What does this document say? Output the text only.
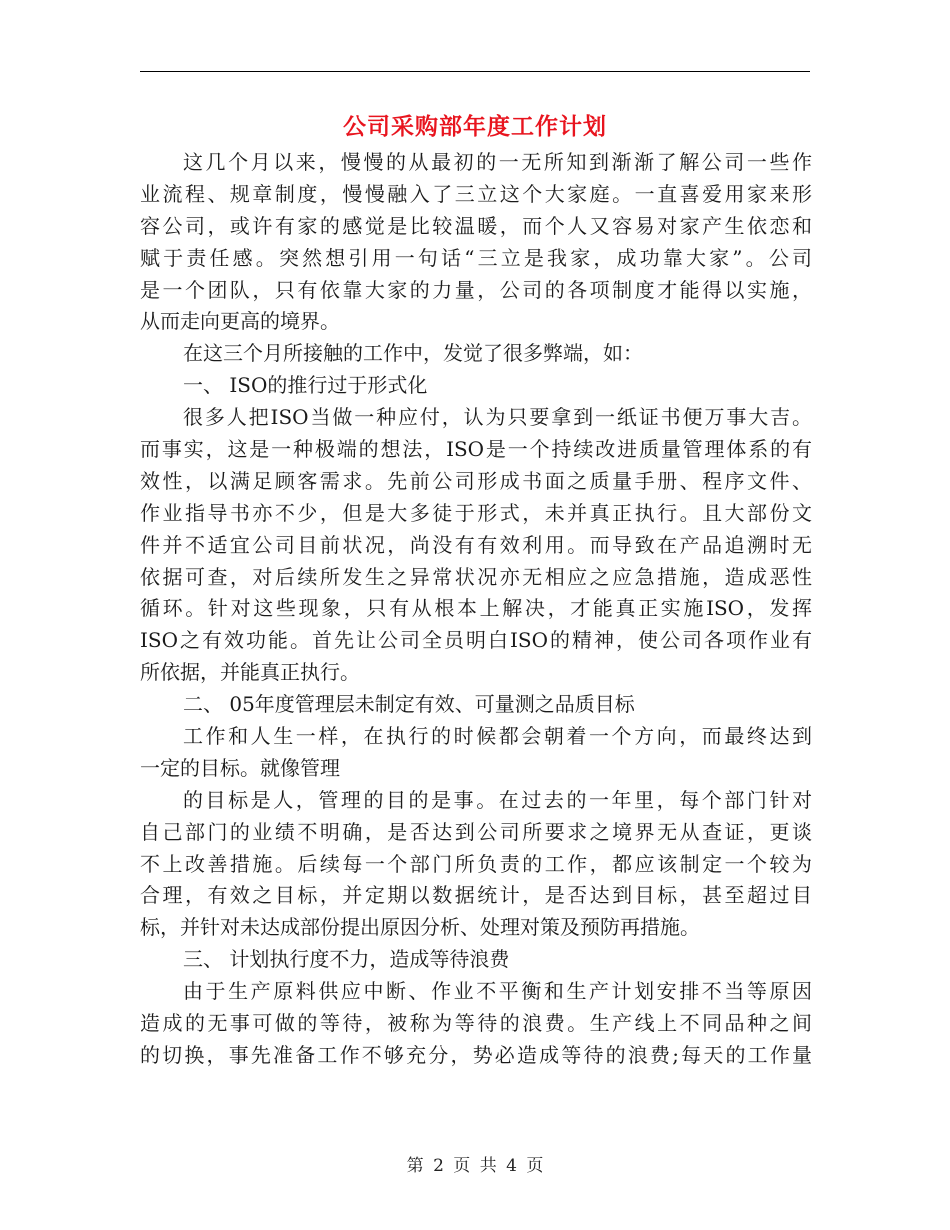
公司采购部年度工作计划
这几个月以来，慢慢的从最初的一无所知到渐渐了解公司一些作
业流程、规章制度，慢慢融入了三立这个大家庭。一直喜爱用家来形
容公司，或许有家的感觉是比较温暖，而个人又容易对家产生依恋和
赋于责任感。突然想引用一句话“三立是我家，成功靠大家”。公司
是一个团队，只有依靠大家的力量，公司的各项制度才能得以实施，
从而走向更高的境界。
在这三个月所接触的工作中，发觉了很多弊端，如：
一、 ISO的推行过于形式化
很多人把ISO当做一种应付，认为只要拿到一纸证书便万事大吉。
而事实，这是一种极端的想法，ISO是一个持续改进质量管理体系的有
效性，以满足顾客需求。先前公司形成书面之质量手册、程序文件、
作业指导书亦不少，但是大多徒于形式，未并真正执行。且大部份文
件并不适宜公司目前状况，尚没有有效利用。而导致在产品追溯时无
依据可查，对后续所发生之异常状况亦无相应之应急措施，造成恶性
循环。针对这些现象，只有从根本上解决，才能真正实施ISO，发挥
ISO之有效功能。首先让公司全员明白ISO的精神，使公司各项作业有
所依据，并能真正执行。
二、 05年度管理层未制定有效、可量测之品质目标
工作和人生一样，在执行的时候都会朝着一个方向，而最终达到
一定的目标。就像管理
的目标是人，管理的目的是事。在过去的一年里，每个部门针对
自己部门的业绩不明确，是否达到公司所要求之境界无从查证，更谈
不上改善措施。后续每一个部门所负责的工作，都应该制定一个较为
合理，有效之目标，并定期以数据统计，是否达到目标，甚至超过目
标，并针对未达成部份提出原因分析、处理对策及预防再措施。
三、 计划执行度不力，造成等待浪费
由于生产原料供应中断、作业不平衡和生产计划安排不当等原因
造成的无事可做的等待，被称为等待的浪费。生产线上不同品种之间
的切换，事先准备工作不够充分，势必造成等待的浪费;每天的工作量
第 2 页 共 4 页
